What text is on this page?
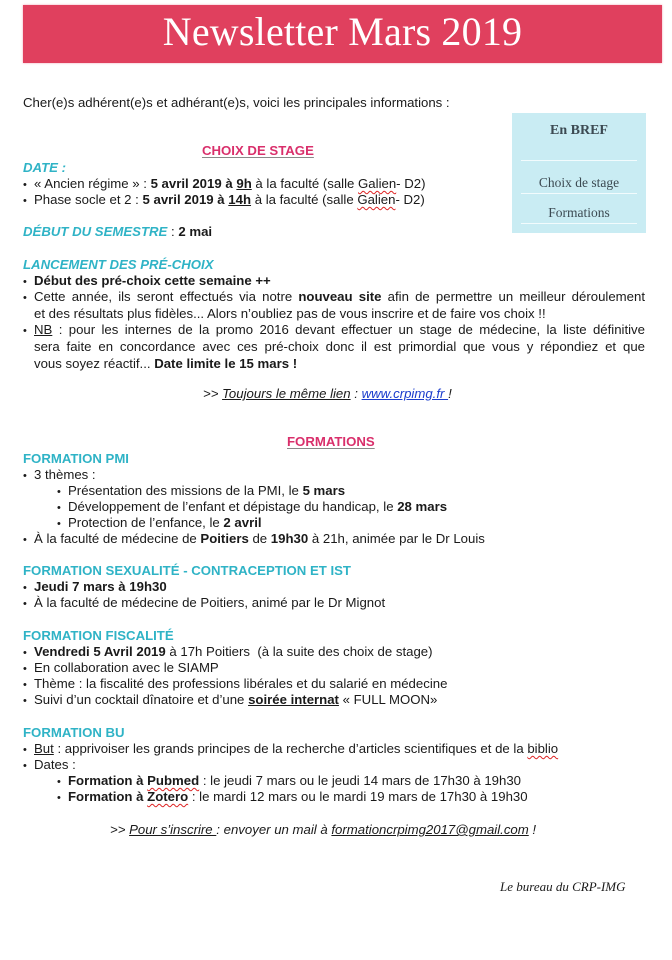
Newsletter Mars 2019
Cher(e)s adhérent(e)s et adhérant(e)s, voici les principales informations :
En BREF
Choix de stage
Formations
CHOIX DE STAGE
DATE :
• « Ancien régime » : 5 avril 2019 à 9h à la faculté (salle Galien- D2)
• Phase socle et 2 : 5 avril 2019 à 14h à la faculté (salle Galien- D2)
DÉBUT DU SEMESTRE : 2 mai
LANCEMENT DES PRÉ-CHOIX
• Début des pré-choix cette semaine ++
• Cette année, ils seront effectués via notre nouveau site afin de permettre un meilleur déroulement
et des résultats plus fidèles... Alors n’oubliez pas de vous inscrire et de faire vos choix !!
• NB : pour les internes de la promo 2016 devant effectuer un stage de médecine, la liste définitive
sera faite en concordance avec ces pré-choix donc il est primordial que vous y répondiez et que
vous soyez réactif... Date limite le 15 mars !
>> Toujours le même lien : www.crpimg.fr !
FORMATIONS
FORMATION PMI
• 3 thèmes :
• Présentation des missions de la PMI, le 5 mars
• Développement de l’enfant et dépistage du handicap, le 28 mars
• Protection de l’enfance, le 2 avril
• À la faculté de médecine de Poitiers de 19h30 à 21h, animée par le Dr Louis
FORMATION SEXUALITÉ - CONTRACEPTION ET IST
• Jeudi 7 mars à 19h30
• À la faculté de médecine de Poitiers, animé par le Dr Mignot
FORMATION FISCALITÉ
• Vendredi 5 Avril 2019 à 17h Poitiers  (à la suite des choix de stage)
• En collaboration avec le SIAMP
• Thème : la fiscalité des professions libérales et du salarié en médecine
• Suivi d’un cocktail dînatoire et d’une soirée internat « FULL MOON»
FORMATION BU
• But : apprivoiser les grands principes de la recherche d’articles scientifiques et de la biblio
• Dates :
• Formation à Pubmed : le jeudi 7 mars ou le jeudi 14 mars de 17h30 à 19h30
• Formation à Zotero : le mardi 12 mars ou le mardi 19 mars de 17h30 à 19h30
>> Pour s’inscrire : envoyer un mail à formationcrpimg2017@gmail.com !
Le bureau du CRP-IMG
